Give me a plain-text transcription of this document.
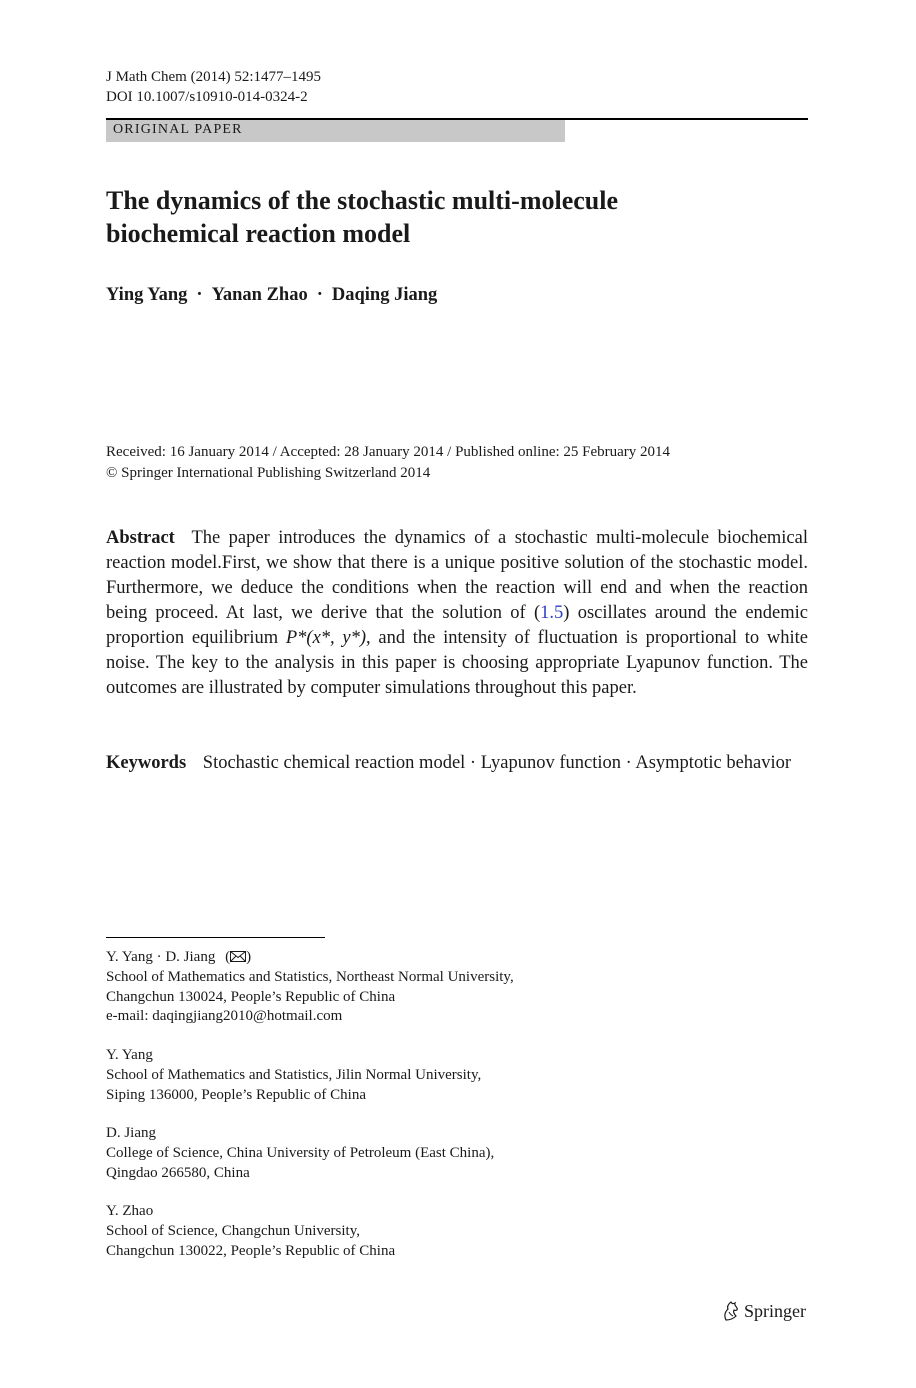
J Math Chem (2014) 52:1477–1495
DOI 10.1007/s10910-014-0324-2
ORIGINAL PAPER
The dynamics of the stochastic multi-molecule
biochemical reaction model
Ying Yang · Yanan Zhao · Daqing Jiang
Received: 16 January 2014 / Accepted: 28 January 2014 / Published online: 25 February 2014
© Springer International Publishing Switzerland 2014

Abstract The paper introduces the dynamics of a stochastic multi-molecule biochemical reaction model.First, we show that there is a unique positive solution of the stochastic model. Furthermore, we deduce the conditions when the reaction will end and when the reaction being proceed. At last, we derive that the solution of (1.5) oscillates around the endemic proportion equilibrium P*(x*, y*), and the intensity of fluctuation is proportional to white noise. The key to the analysis in this paper is choosing appropriate Lyapunov function. The outcomes are illustrated by computer simulations throughout this paper.

Keywords Stochastic chemical reaction model · Lyapunov function · Asymptotic behavior
Y. Yang · D. Jiang ( )
School of Mathematics and Statistics, Northeast Normal University,
Changchun 130024, People’s Republic of China
e-mail: daqingjiang2010@hotmail.com
Y. Yang
School of Mathematics and Statistics, Jilin Normal University,
Siping 136000, People’s Republic of China
D. Jiang
College of Science, China University of Petroleum (East China),
Qingdao 266580, China
Y. Zhao
School of Science, Changchun University,
Changchun 130022, People’s Republic of China
Springer
